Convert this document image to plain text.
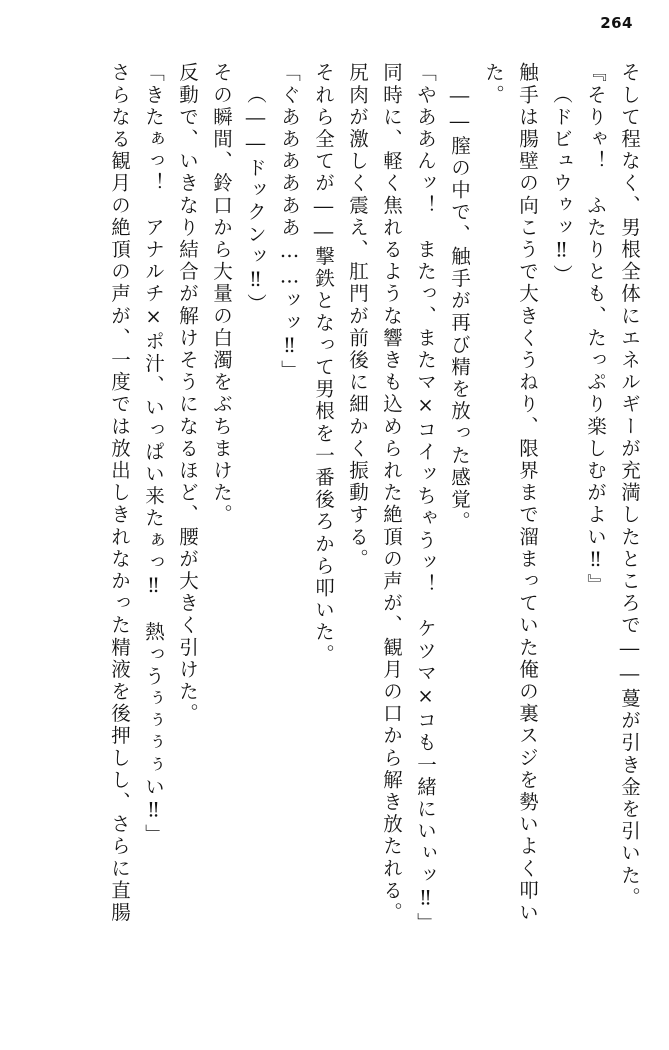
264
そして程なく、男根全体にエネルギーが充満したところで――蔓が引き金を引いた。
『そりゃ！　ふたりとも、たっぷり楽しむがよい‼』
（ドビュウゥッ‼）
触手は腸壁の向こうで大きくうねり、限界まで溜まっていた俺の裏スジを勢いよく叩い
た。
――膣の中で、触手が再び精を放った感覚。
「やああんッ！　またっ、またマ×コイッちゃうッ！　ケツマ×コも一緒にいぃッ‼」
同時に、軽く焦れるような響きも込められた絶頂の声が、観月の口から解き放たれる。
尻肉が激しく震え、肛門が前後に細かく振動する。
それら全てが――撃鉄となって男根を一番後ろから叩いた。
「ぐああああああ……ッッ‼」
（――ドックンッ‼）
その瞬間、鈴口から大量の白濁をぶちまけた。
反動で、いきなり結合が解けそうになるほど、腰が大きく引けた。
「きたぁっ！　アナルチ×ポ汁、いっぱい来たぁっ‼　熱っうぅぅぅぅい‼」
さらなる観月の絶頂の声が、一度では放出しきれなかった精液を後押しし、さらに直腸
